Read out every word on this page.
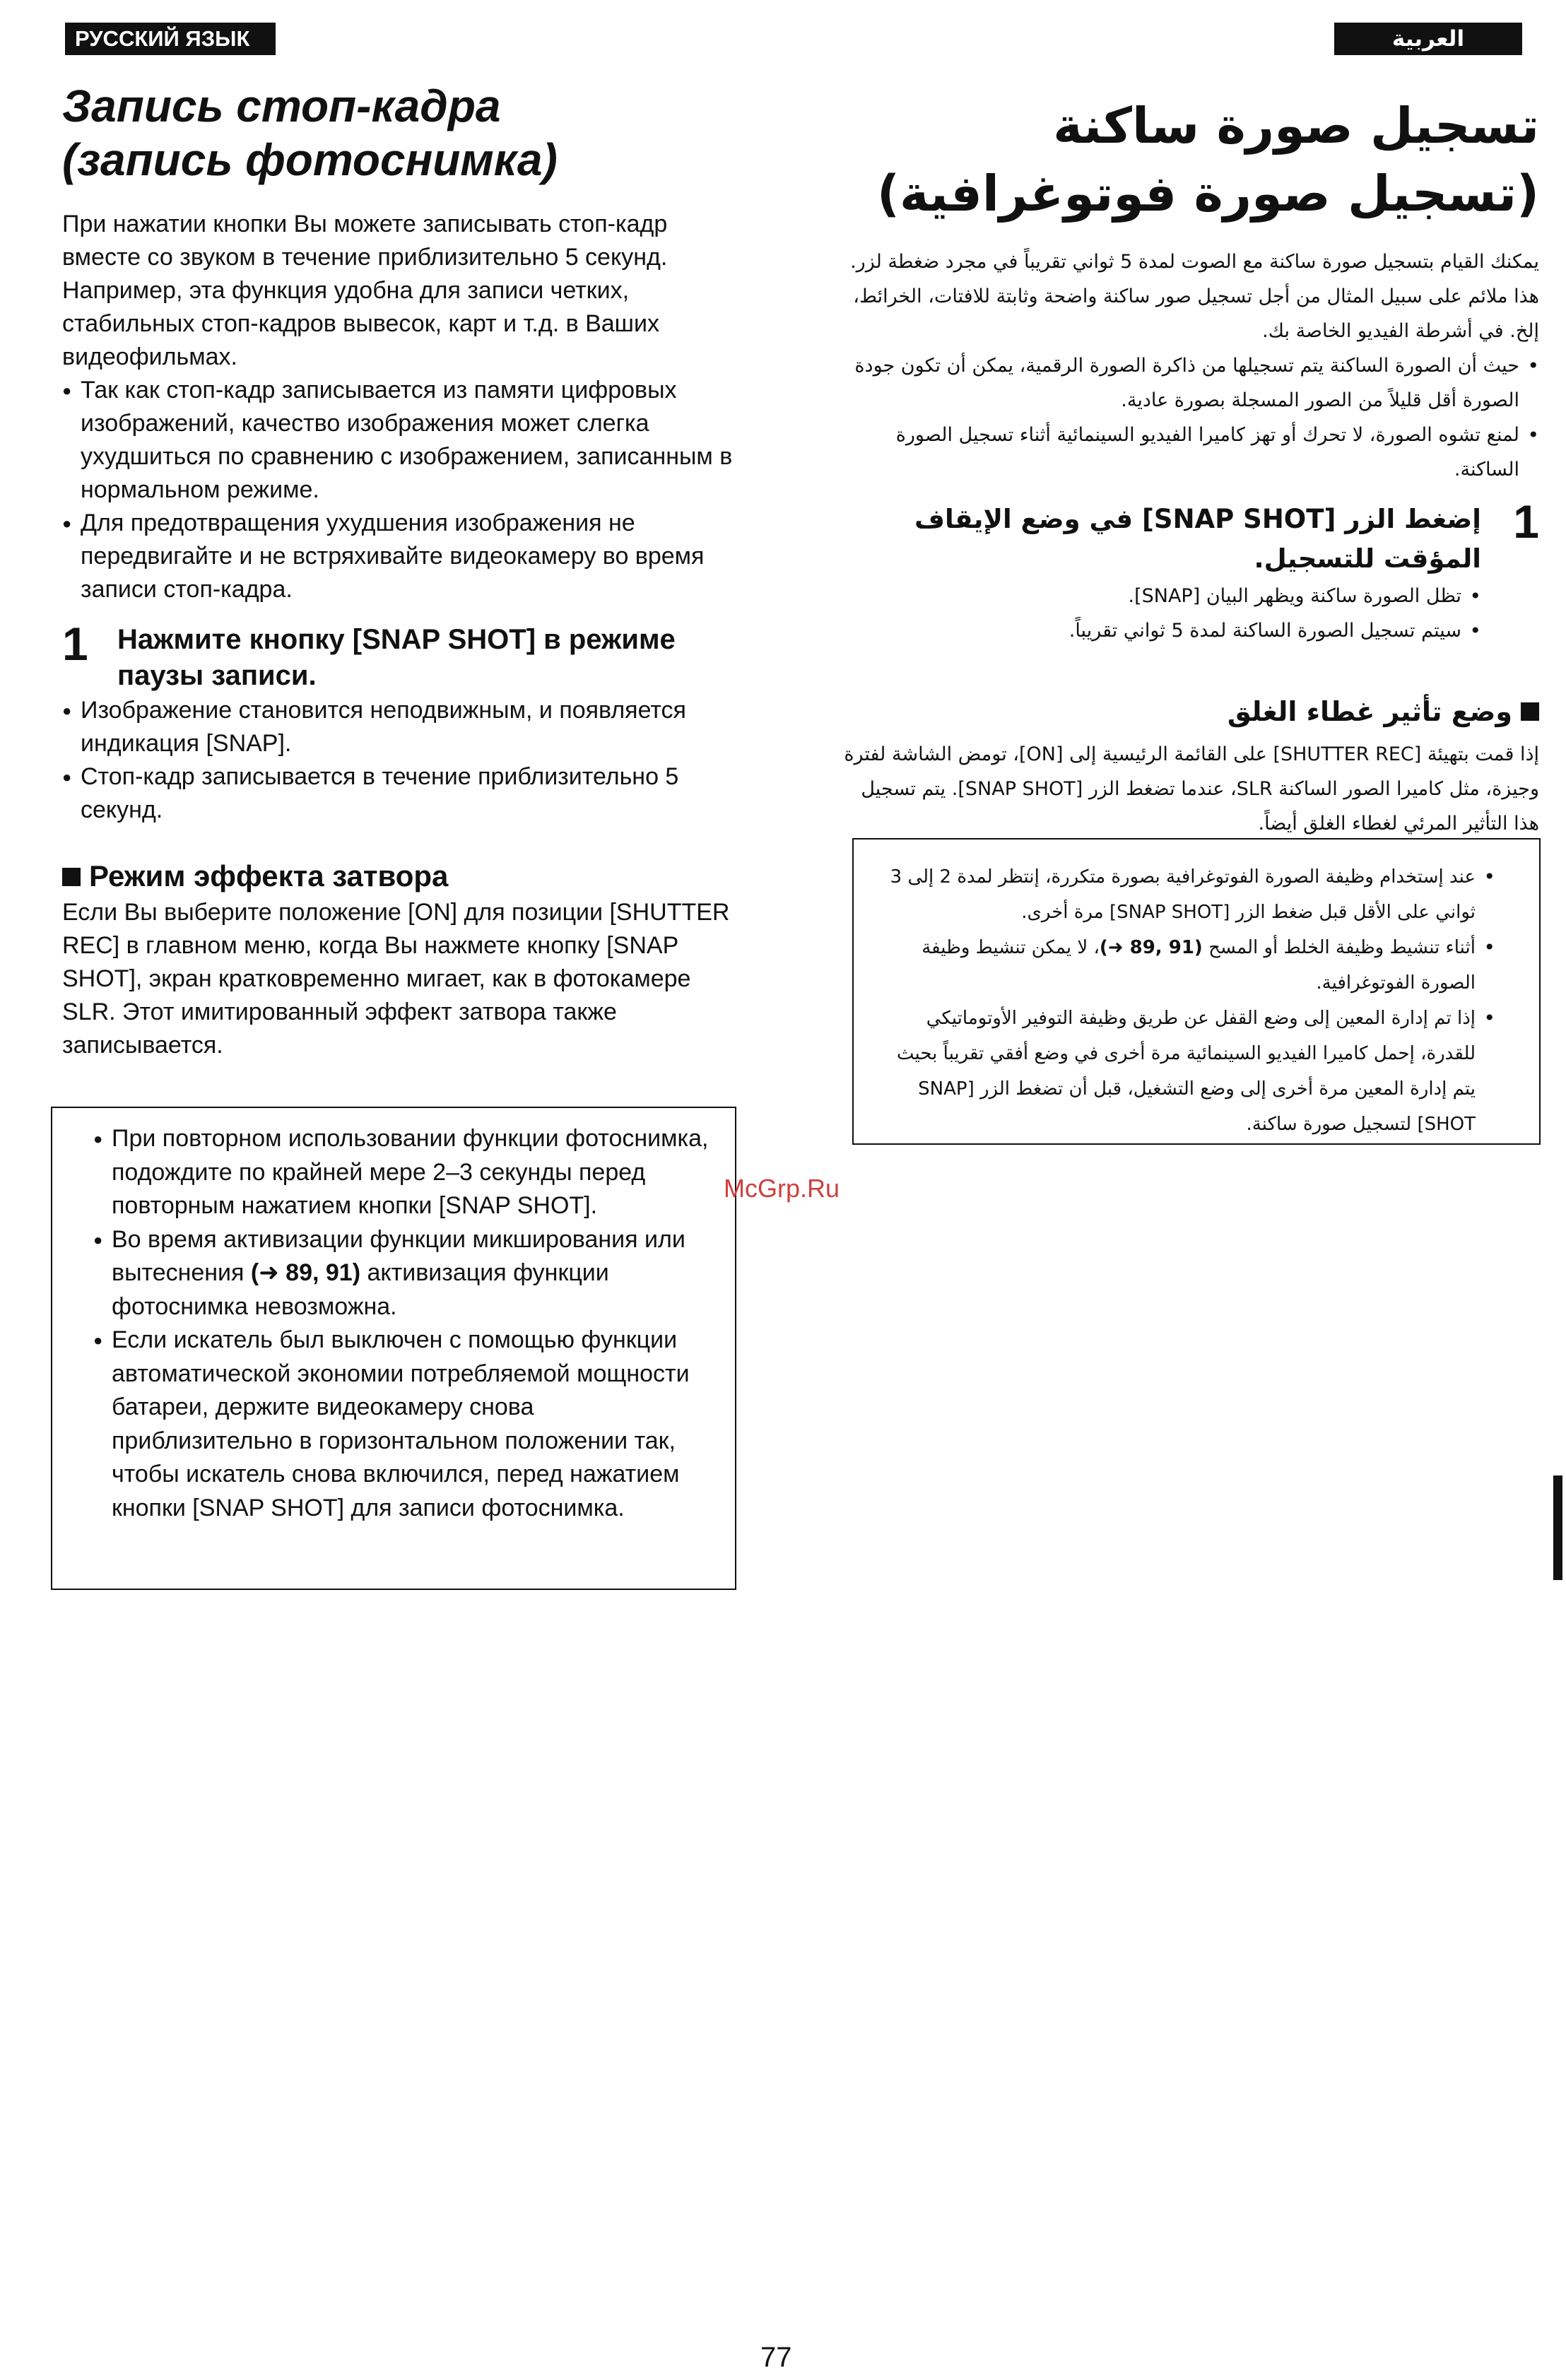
РУССКИЙ ЯЗЫК	العربية
Запись стоп-кадра
(запись фотоснимка)

При нажатии кнопки Вы можете записывать стоп-кадр вместе со звуком в течение приблизительно 5 секунд. Например, эта функция удобна для записи четких, стабильных стоп-кадров вывесок, карт и т.д. в Ваших видеофильмах.

● Так как стоп-кадр записывается из памяти цифровых изображений, качество изображения может слегка ухудшиться по сравнению с изображением, записанным в нормальном режиме.
● Для предотвращения ухудшения изображения не передвигайте и не встряхивайте видеокамеру во время записи стоп-кадра.
1 Нажмите кнопку [SNAP SHOT] в режиме паузы записи.
● Изображение становится неподвижным, и появляется индикация [SNAP].
● Стоп-кадр записывается в течение приблизительно 5 секунд.
Режим эффекта затвора

Если Вы выберите положение [ON] для позиции [SHUTTER REC] в главном меню, когда Вы нажмете кнопку [SNAP SHOT], экран кратковременно мигает, как в фотокамере SLR. Этот имитированный эффект затвора также записывается.

● При повторном использовании функции фотоснимка, подождите по крайней мере 2–3 секунды перед повторным нажатием кнопки [SNAP SHOT].
● Во время активизации функции микширования или вытеснения (➜ 89, 91) активизация функции фотоснимка невозможна.
● Если искатель был выключен с помощью функции автоматической экономии потребляемой мощности батареи, держите видеокамеру снова приблизительно в горизонтальном положении так, чтобы искатель снова включился, перед нажатием кнопки [SNAP SHOT] для записи фотоснимка.
تسجيل صورة ساكنة
(تسجيل صورة فوتوغرافية)

يمكنك القيام بتسجيل صورة ساكنة مع الصوت لمدة 5 ثواني تقريباً في مجرد ضغطة لزر. هذا ملائم على سبيل المثال من أجل تسجيل صور ساكنة واضحة وثابتة للافتات، الخرائط، إلخ. في أشرطة الفيديو الخاصة بك.

• حيث أن الصورة الساكنة يتم تسجيلها من ذاكرة الصورة الرقمية، يمكن أن تكون جودة الصورة أقل قليلاً من الصور المسجلة بصورة عادية.
• لمنع تشوه الصورة، لا تحرك أو تهز كاميرا الفيديو السينمائية أثناء تسجيل الصورة الساكنة.
1
إضغط الزر [SNAP SHOT] في وضع الإيقاف المؤقت للتسجيل.
• تظل الصورة ساكنة ويظهر البيان [SNAP].
• سيتم تسجيل الصورة الساكنة لمدة 5 ثواني تقريباً.
وضع تأثير غطاء الغلق

إذا قمت بتهيئة [SHUTTER REC] على القائمة الرئيسية إلى [ON]، تومض الشاشة لفترة وجيزة، مثل كاميرا الصور الساكنة SLR، عندما تضغط الزر [SNAP SHOT]. يتم تسجيل هذا التأثير المرئي لغطاء الغلق أيضاً.

• عند إستخدام وظيفة الصورة الفوتوغرافية بصورة متكررة، إنتظر لمدة 2 إلى 3 ثواني على الأقل قبل ضغط الزر [SNAP SHOT] مرة أخرى.
• أثناء تنشيط وظيفة الخلط أو المسح (➜ 89, 91)، لا يمكن تنشيط وظيفة الصورة الفوتوغرافية.
• إذا تم إدارة المعين إلى وضع القفل عن طريق وظيفة التوفير الأوتوماتيكي للقدرة، إحمل كاميرا الفيديو السينمائية مرة أخرى في وضع أفقي تقريباً بحيث يتم إدارة المعين مرة أخرى إلى وضع التشغيل، قبل أن تضغط الزر [SNAP SHOT] لتسجيل صورة ساكنة.
McGrp.Ru
77
